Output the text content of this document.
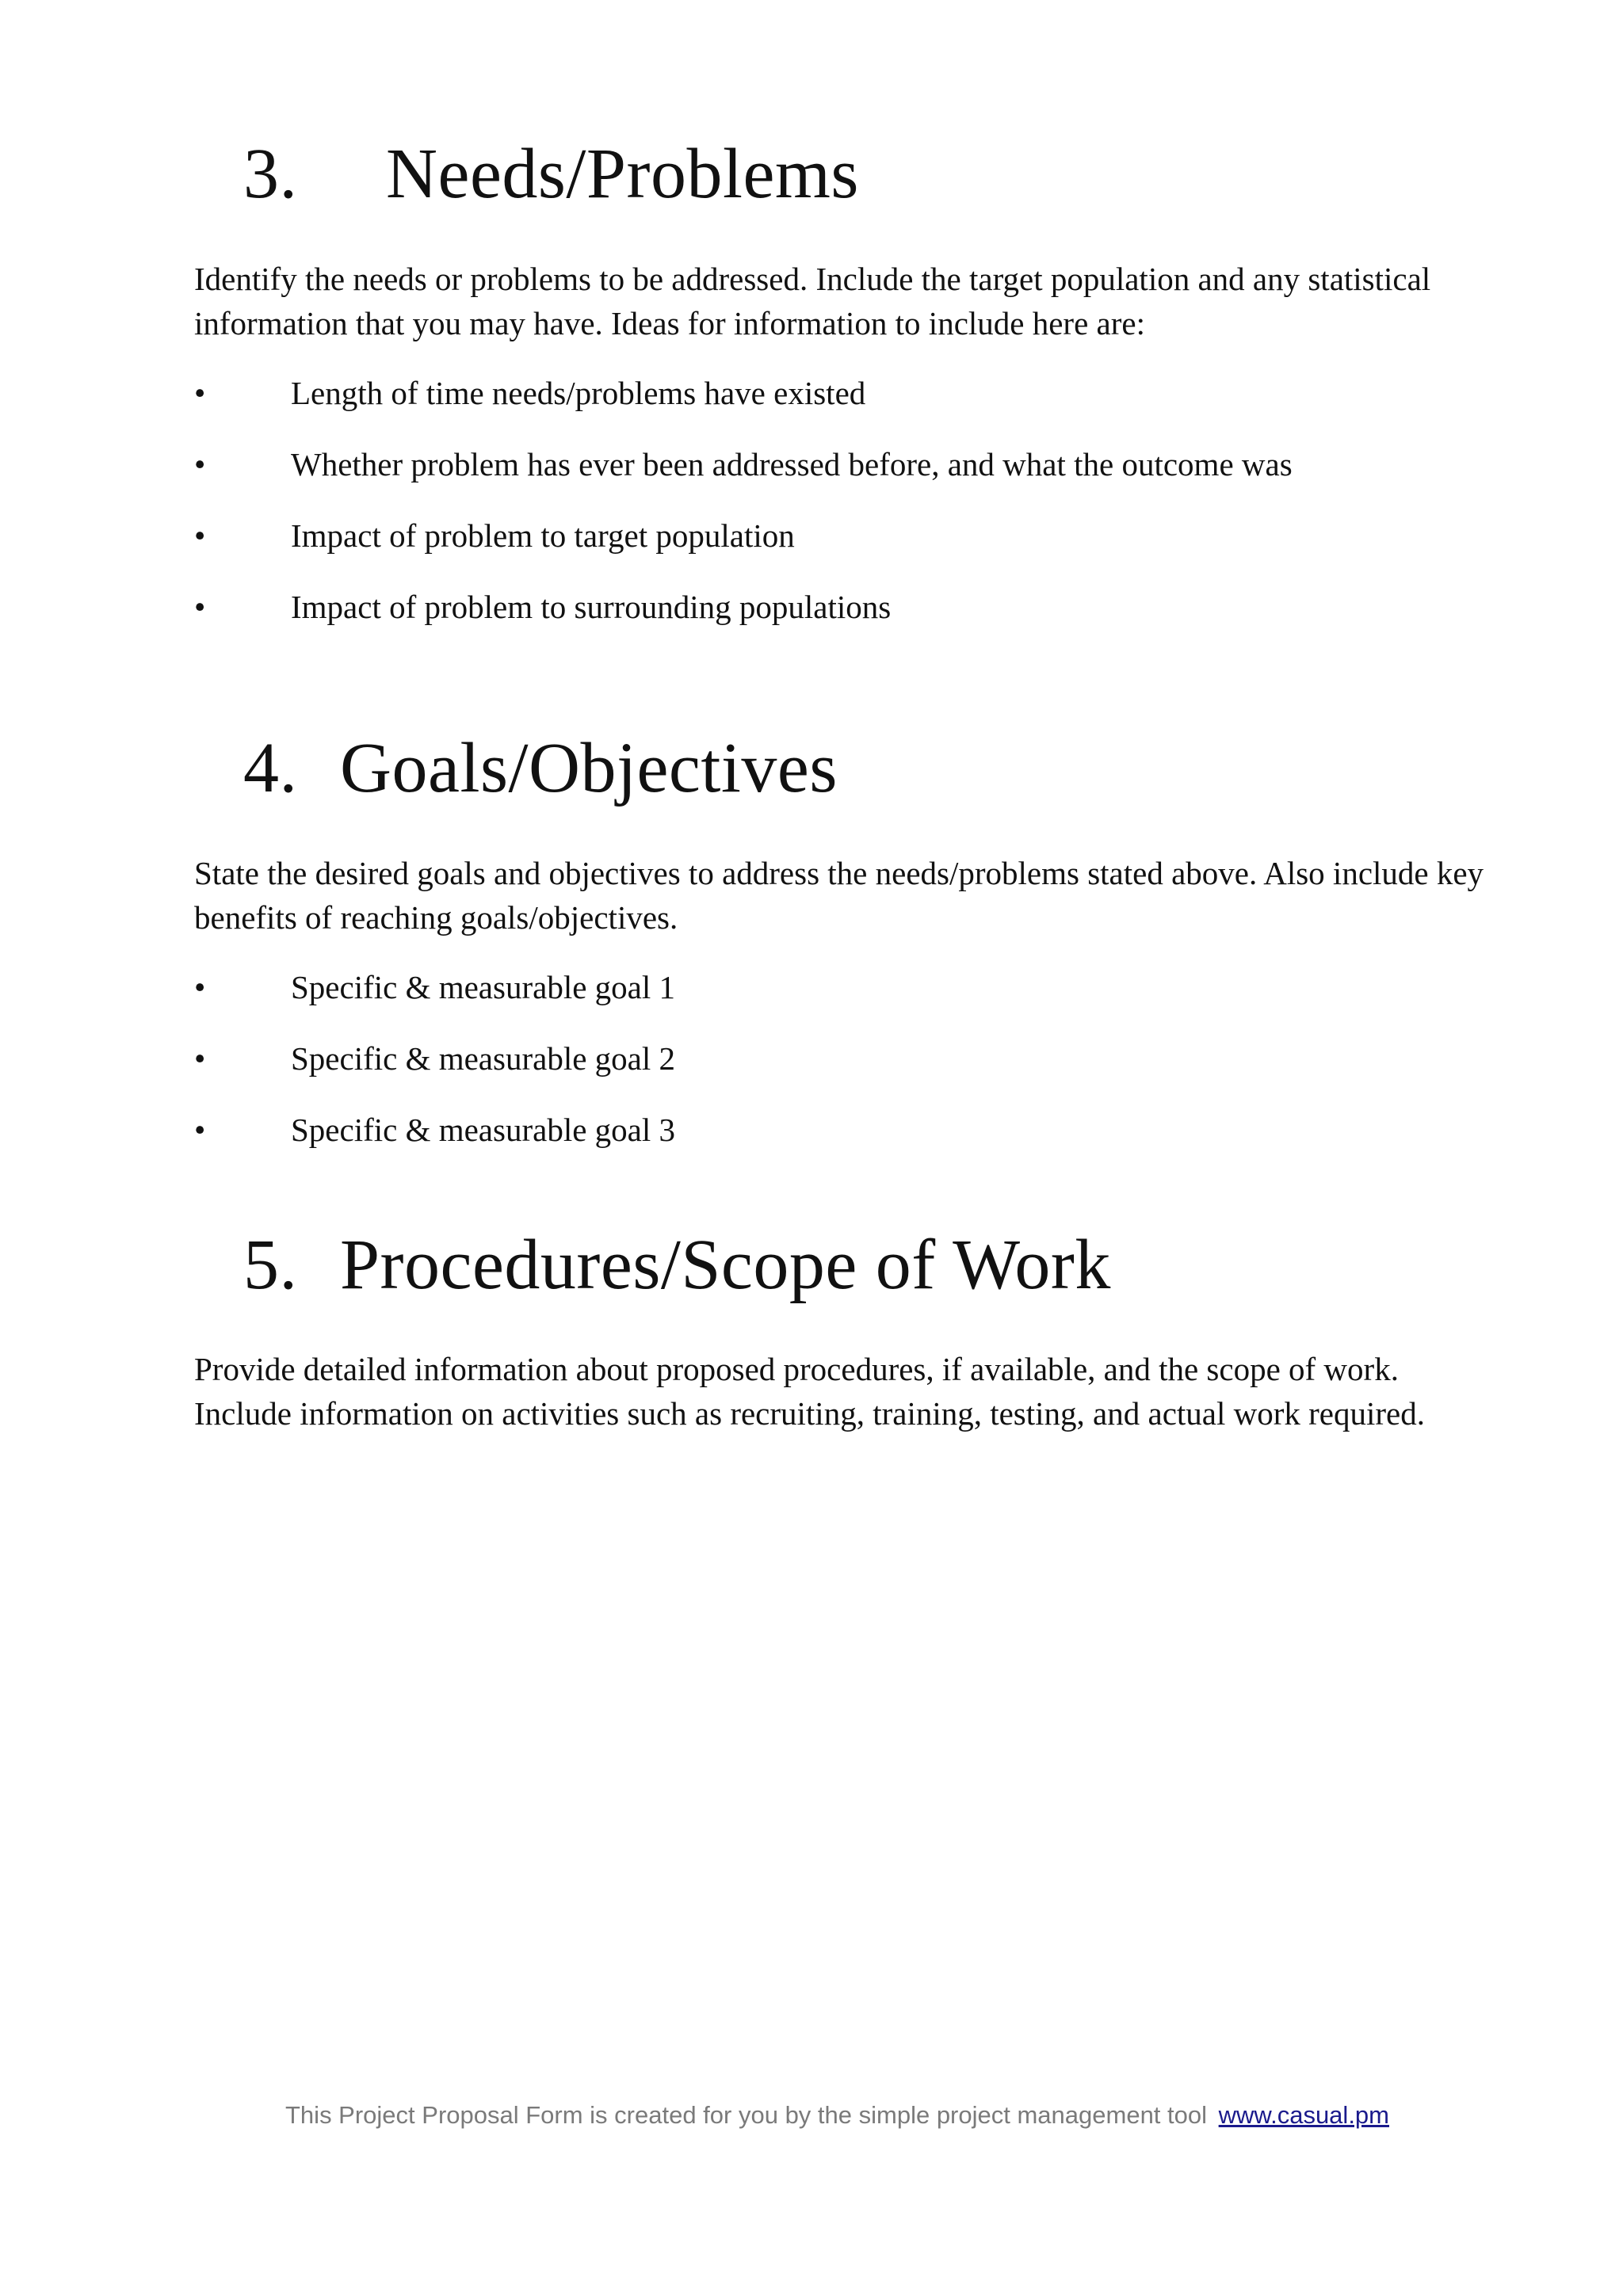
3. Needs/Problems

Identify the needs or problems to be addressed. Include the target population and any statistical information that you may have. Ideas for information to include here are:

•	Length of time needs/problems have existed
•	Whether problem has ever been addressed before, and what the outcome was
•	Impact of problem to target population
•	Impact of problem to surrounding populations
4. Goals/Objectives

State the desired goals and objectives to address the needs/problems stated above. Also include key benefits of reaching goals/objectives.

•	Specific & measurable goal 1
•	Specific & measurable goal 2
•	Specific & measurable goal 3
5. Procedures/Scope of Work

Provide detailed information about proposed procedures, if available, and the scope of work. Include information on activities such as recruiting, training, testing, and actual work required.

This Project Proposal Form is created for you by the simple project management tool www.casual.pm
